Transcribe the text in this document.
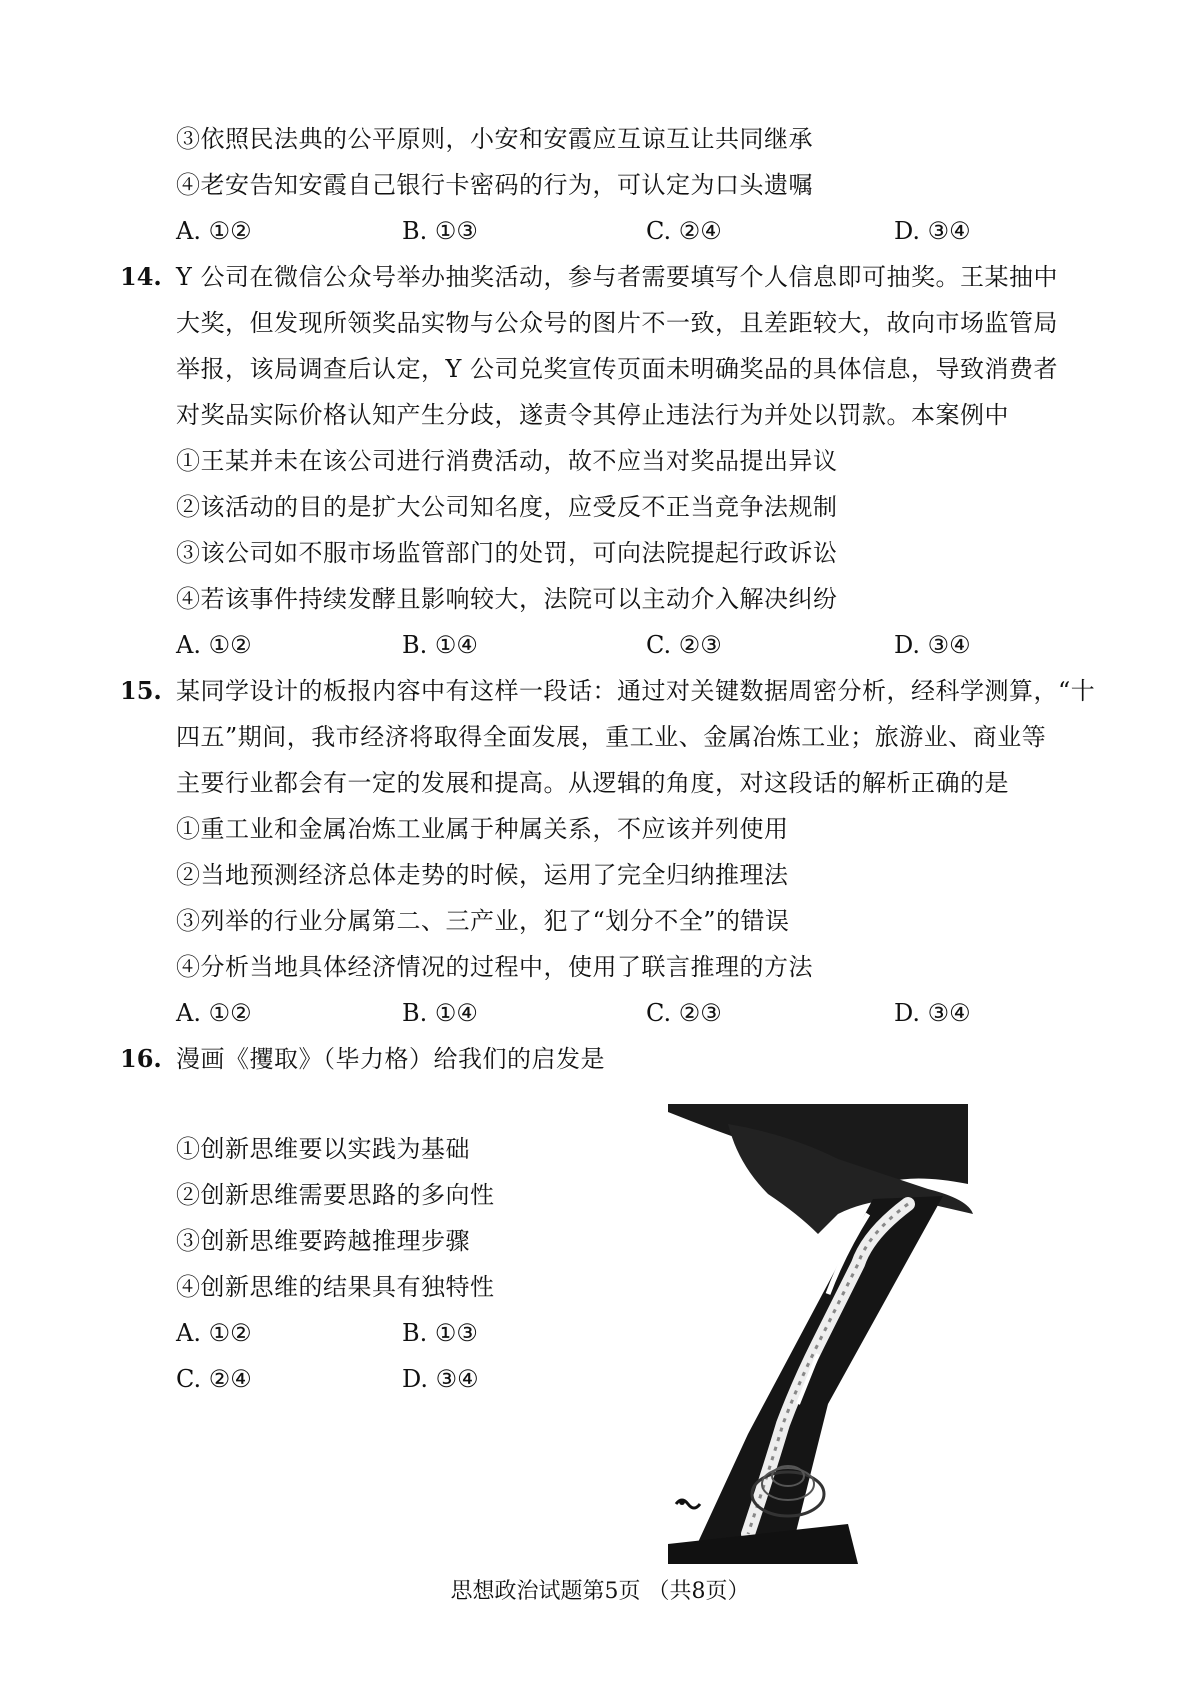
③依照民法典的公平原则，小安和安霞应互谅互让共同继承
④老安告知安霞自己银行卡密码的行为，可认定为口头遗嘱
A. ①②	B. ①③	C. ②④	D. ③④
14. Y 公司在微信公众号举办抽奖活动，参与者需要填写个人信息即可抽奖。王某抽中
大奖，但发现所领奖品实物与公众号的图片不一致，且差距较大，故向市场监管局
举报，该局调查后认定，Y 公司兑奖宣传页面未明确奖品的具体信息，导致消费者
对奖品实际价格认知产生分歧，遂责令其停止违法行为并处以罚款。本案例中
①王某并未在该公司进行消费活动，故不应当对奖品提出异议
②该活动的目的是扩大公司知名度，应受反不正当竞争法规制
③该公司如不服市场监管部门的处罚，可向法院提起行政诉讼
④若该事件持续发酵且影响较大，法院可以主动介入解决纠纷
A. ①②	B. ①④	C. ②③	D. ③④
15. 某同学设计的板报内容中有这样一段话：通过对关键数据周密分析，经科学测算，“十
四五”期间，我市经济将取得全面发展，重工业、金属冶炼工业；旅游业、商业等
主要行业都会有一定的发展和提高。从逻辑的角度，对这段话的解析正确的是
①重工业和金属冶炼工业属于种属关系，不应该并列使用
②当地预测经济总体走势的时候，运用了完全归纳推理法
③列举的行业分属第二、三产业，犯了“划分不全”的错误
④分析当地具体经济情况的过程中，使用了联言推理的方法
A. ①②	B. ①④	C. ②③	D. ③④
16. 漫画《攫取》（毕力格）给我们的启发是
①创新思维要以实践为基础
②创新思维需要思路的多向性
③创新思维要跨越推理步骤
④创新思维的结果具有独特性
A. ①②	B. ①③
C. ②④	D. ③④
思想政治试题第5页 （共8页）
